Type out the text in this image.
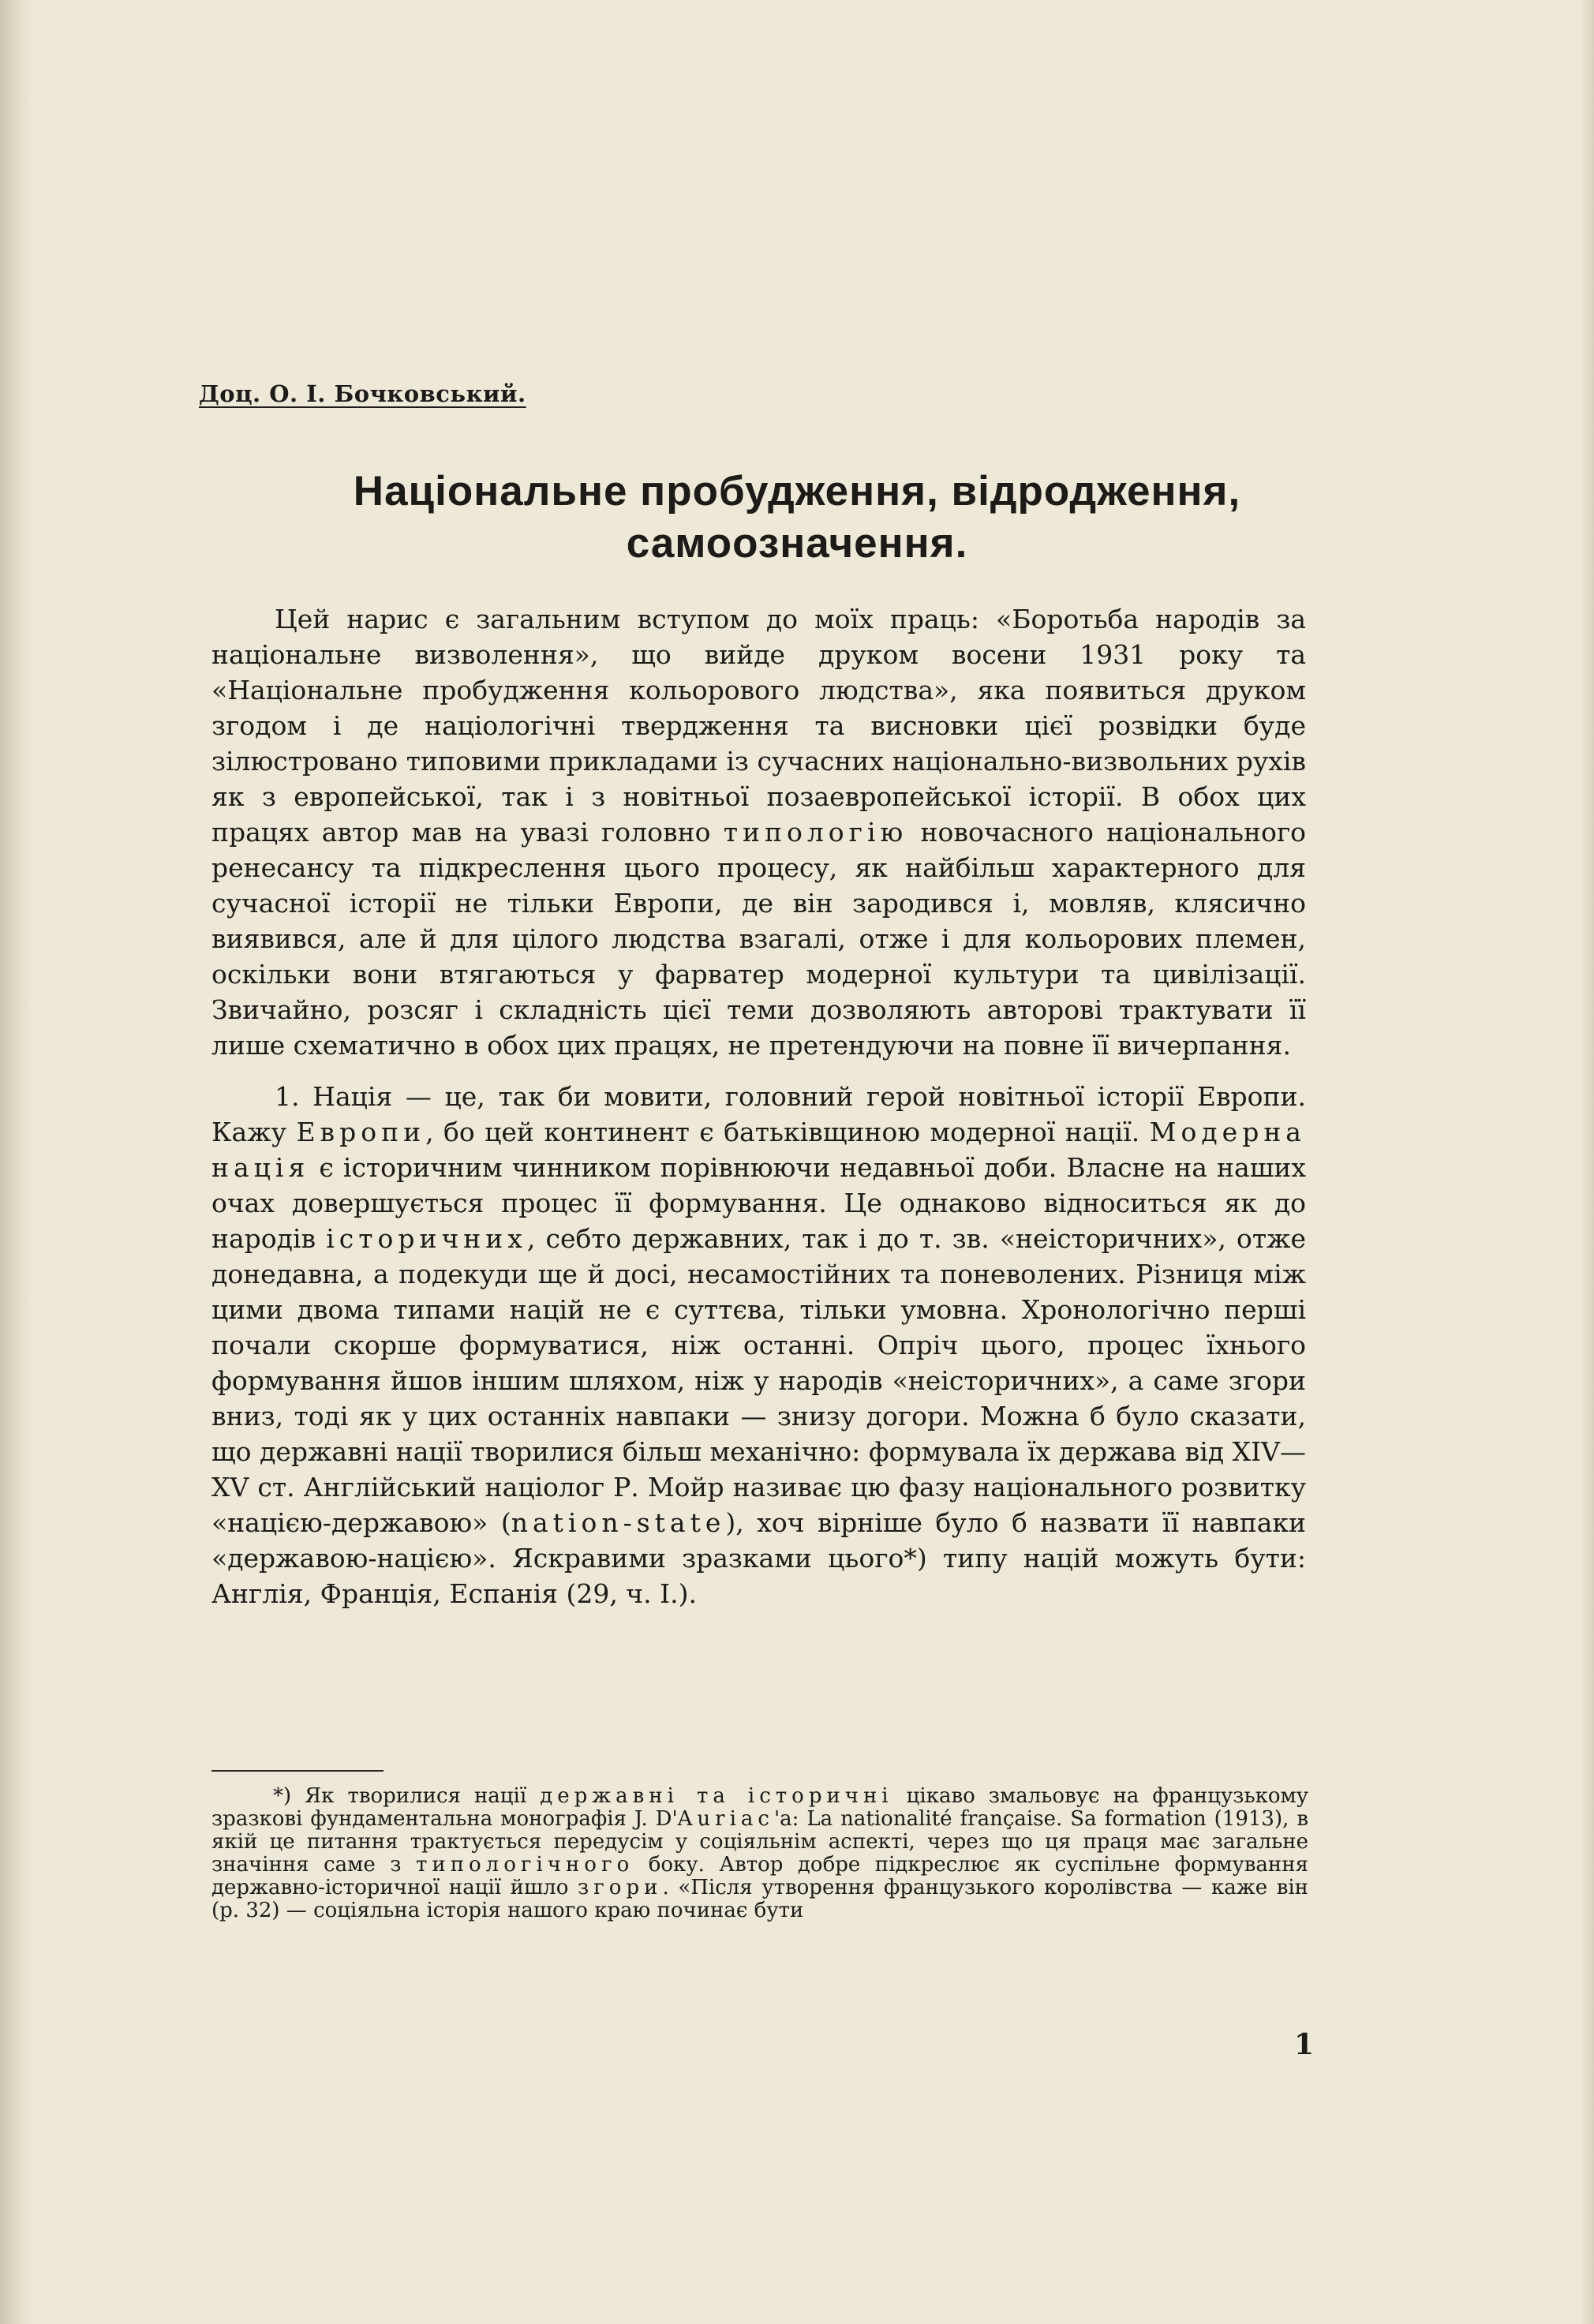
Доц. О. І. Бочковський.
Національне пробудження, відродження,
самоозначення.

Цей нарис є загальним вступом до моїх праць: «Боротьба народів за національне визволення», що вийде друком восени 1931 року та «Національне пробудження кольорового людства», яка появиться друком згодом і де націологічні твердження та висновки цієї розвідки буде зілюстровано типовими прикладами із сучасних національно-визвольних рухів як з европейської, так і з новітньої позаевропейської історії. В обох цих працях автор мав на увазі головно типологію новочасного національного ренесансу та підкреслення цього процесу, як найбільш характерного для сучасної історії не тільки Европи, де він зародився і, мовляв, клясично виявився, але й для цілого людства взагалі, отже і для кольорових племен, оскільки вони втягаються у фарватер модерної культури та цивілізації. Звичайно, розсяг і складність цієї теми дозволяють авторові трактувати її лише схематично в обох цих працях, не претендуючи на повне її вичерпання.

1. Нація — це, так би мовити, головний герой новітньої історії Европи. Кажу Европи, бо цей континент є батьківщиною модерної нації. Модерна нація є історичним чинником порівнюючи недавньої доби. Власне на наших очах довершується процес її формування. Це однаково відноситься як до народів історичних, себто державних, так і до т. зв. «неісторичних», отже донедавна, а подекуди ще й досі, несамостійних та поневолених. Різниця між цими двома типами націй не є суттєва, тільки умовна. Хронологічно перші почали скорше формуватися, ніж останні. Опріч цього, процес їхнього формування йшов іншим шляхом, ніж у народів «неісторичних», а саме згори вниз, тоді як у цих останніх навпаки — знизу догори. Можна б було сказати, що державні нації творилися більш механічно: формувала їх держава від XIV—XV ст. Англійський націолог Р. Мойр називає цю фазу національного розвитку «нацією-державою» (nation-state), хоч вірніше було б назвати її навпаки «державою-нацією». Яскравими зразками цього*) типу націй можуть бути: Англія, Франція, Еспанія (29, ч. I.).

*) Як творилися нації державні та історичні цікаво змальовує на французькому зразкові фундаментальна монографія J. D'Auriac'a: La nationalité française. Sa formation (1913), в якій це питання трактується передусім у соціяльнім аспекті, через що ця праця має загальне значіння саме з типологічного боку. Автор добре підкреслює як суспільне формування державно-історичної нації йшло згори. «Після утворення французького королівства — каже він (p. 32) — соціяльна історія нашого краю починає бути

1
